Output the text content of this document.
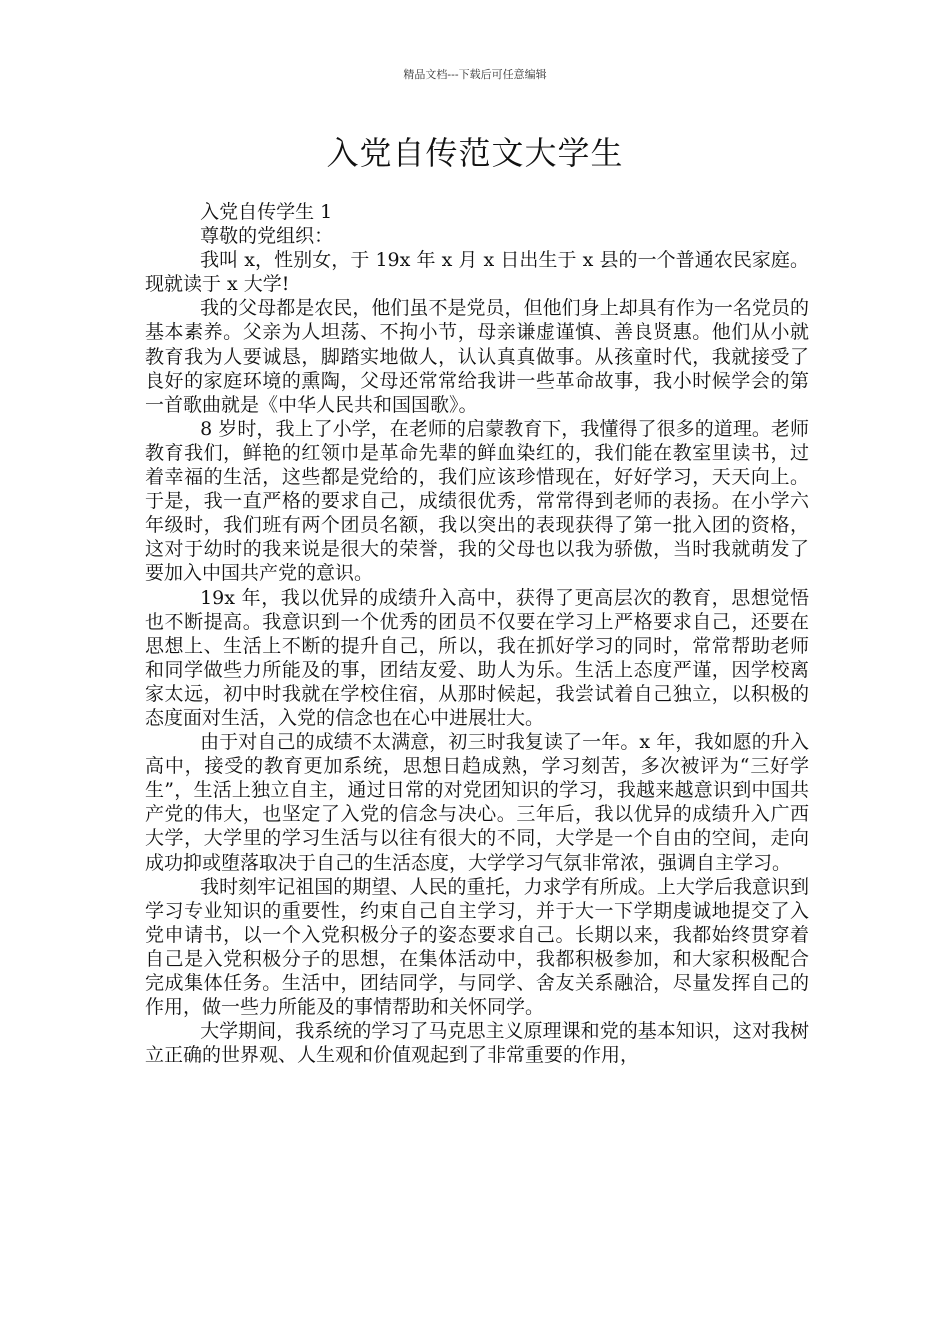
精品文档---下载后可任意编辑
入党自传范文大学生

入党自传学生 1

尊敬的党组织：

我叫 x，性别女，于 19x 年 x 月 x 日出生于 x 县的一个普通农民家庭。现就读于 x 大学!

我的父母都是农民，他们虽不是党员，但他们身上却具有作为一名党员的基本素养。父亲为人坦荡、不拘小节，母亲谦虚谨慎、善良贤惠。他们从小就教育我为人要诚恳，脚踏实地做人，认认真真做事。从孩童时代，我就接受了良好的家庭环境的熏陶，父母还常常给我讲一些革命故事，我小时候学会的第一首歌曲就是《中华人民共和国国歌》。

8 岁时，我上了小学，在老师的启蒙教育下，我懂得了很多的道理。老师教育我们，鲜艳的红领巾是革命先辈的鲜血染红的，我们能在教室里读书，过着幸福的生活，这些都是党给的，我们应该珍惜现在，好好学习，天天向上。于是，我一直严格的要求自己，成绩很优秀，常常得到老师的表扬。在小学六年级时，我们班有两个团员名额，我以突出的表现获得了第一批入团的资格，这对于幼时的我来说是很大的荣誉，我的父母也以我为骄傲，当时我就萌发了要加入中国共产党的意识。

19x 年，我以优异的成绩升入高中，获得了更高层次的教育，思想觉悟也不断提高。我意识到一个优秀的团员不仅要在学习上严格要求自己，还要在思想上、生活上不断的提升自己，所以，我在抓好学习的同时，常常帮助老师和同学做些力所能及的事，团结友爱、助人为乐。生活上态度严谨，因学校离家太远，初中时我就在学校住宿，从那时候起，我尝试着自己独立，以积极的态度面对生活，入党的信念也在心中进展壮大。

由于对自己的成绩不太满意，初三时我复读了一年。x 年，我如愿的升入高中，接受的教育更加系统，思想日趋成熟，学习刻苦，多次被评为“三好学生”，生活上独立自主，通过日常的对党团知识的学习，我越来越意识到中国共产党的伟大，也坚定了入党的信念与决心。三年后，我以优异的成绩升入广西大学，大学里的学习生活与以往有很大的不同，大学是一个自由的空间，走向成功抑或堕落取决于自己的生活态度，大学学习气氛非常浓，强调自主学习。

我时刻牢记祖国的期望、人民的重托，力求学有所成。上大学后我意识到学习专业知识的重要性，约束自己自主学习，并于大一下学期虔诚地提交了入党申请书，以一个入党积极分子的姿态要求自己。长期以来，我都始终贯穿着自己是入党积极分子的思想，在集体活动中，我都积极参加，和大家积极配合完成集体任务。生活中，团结同学，与同学、舍友关系融洽，尽量发挥自己的作用，做一些力所能及的事情帮助和关怀同学。

大学期间，我系统的学习了马克思主义原理课和党的基本知识，这对我树立正确的世界观、人生观和价值观起到了非常重要的作用，
